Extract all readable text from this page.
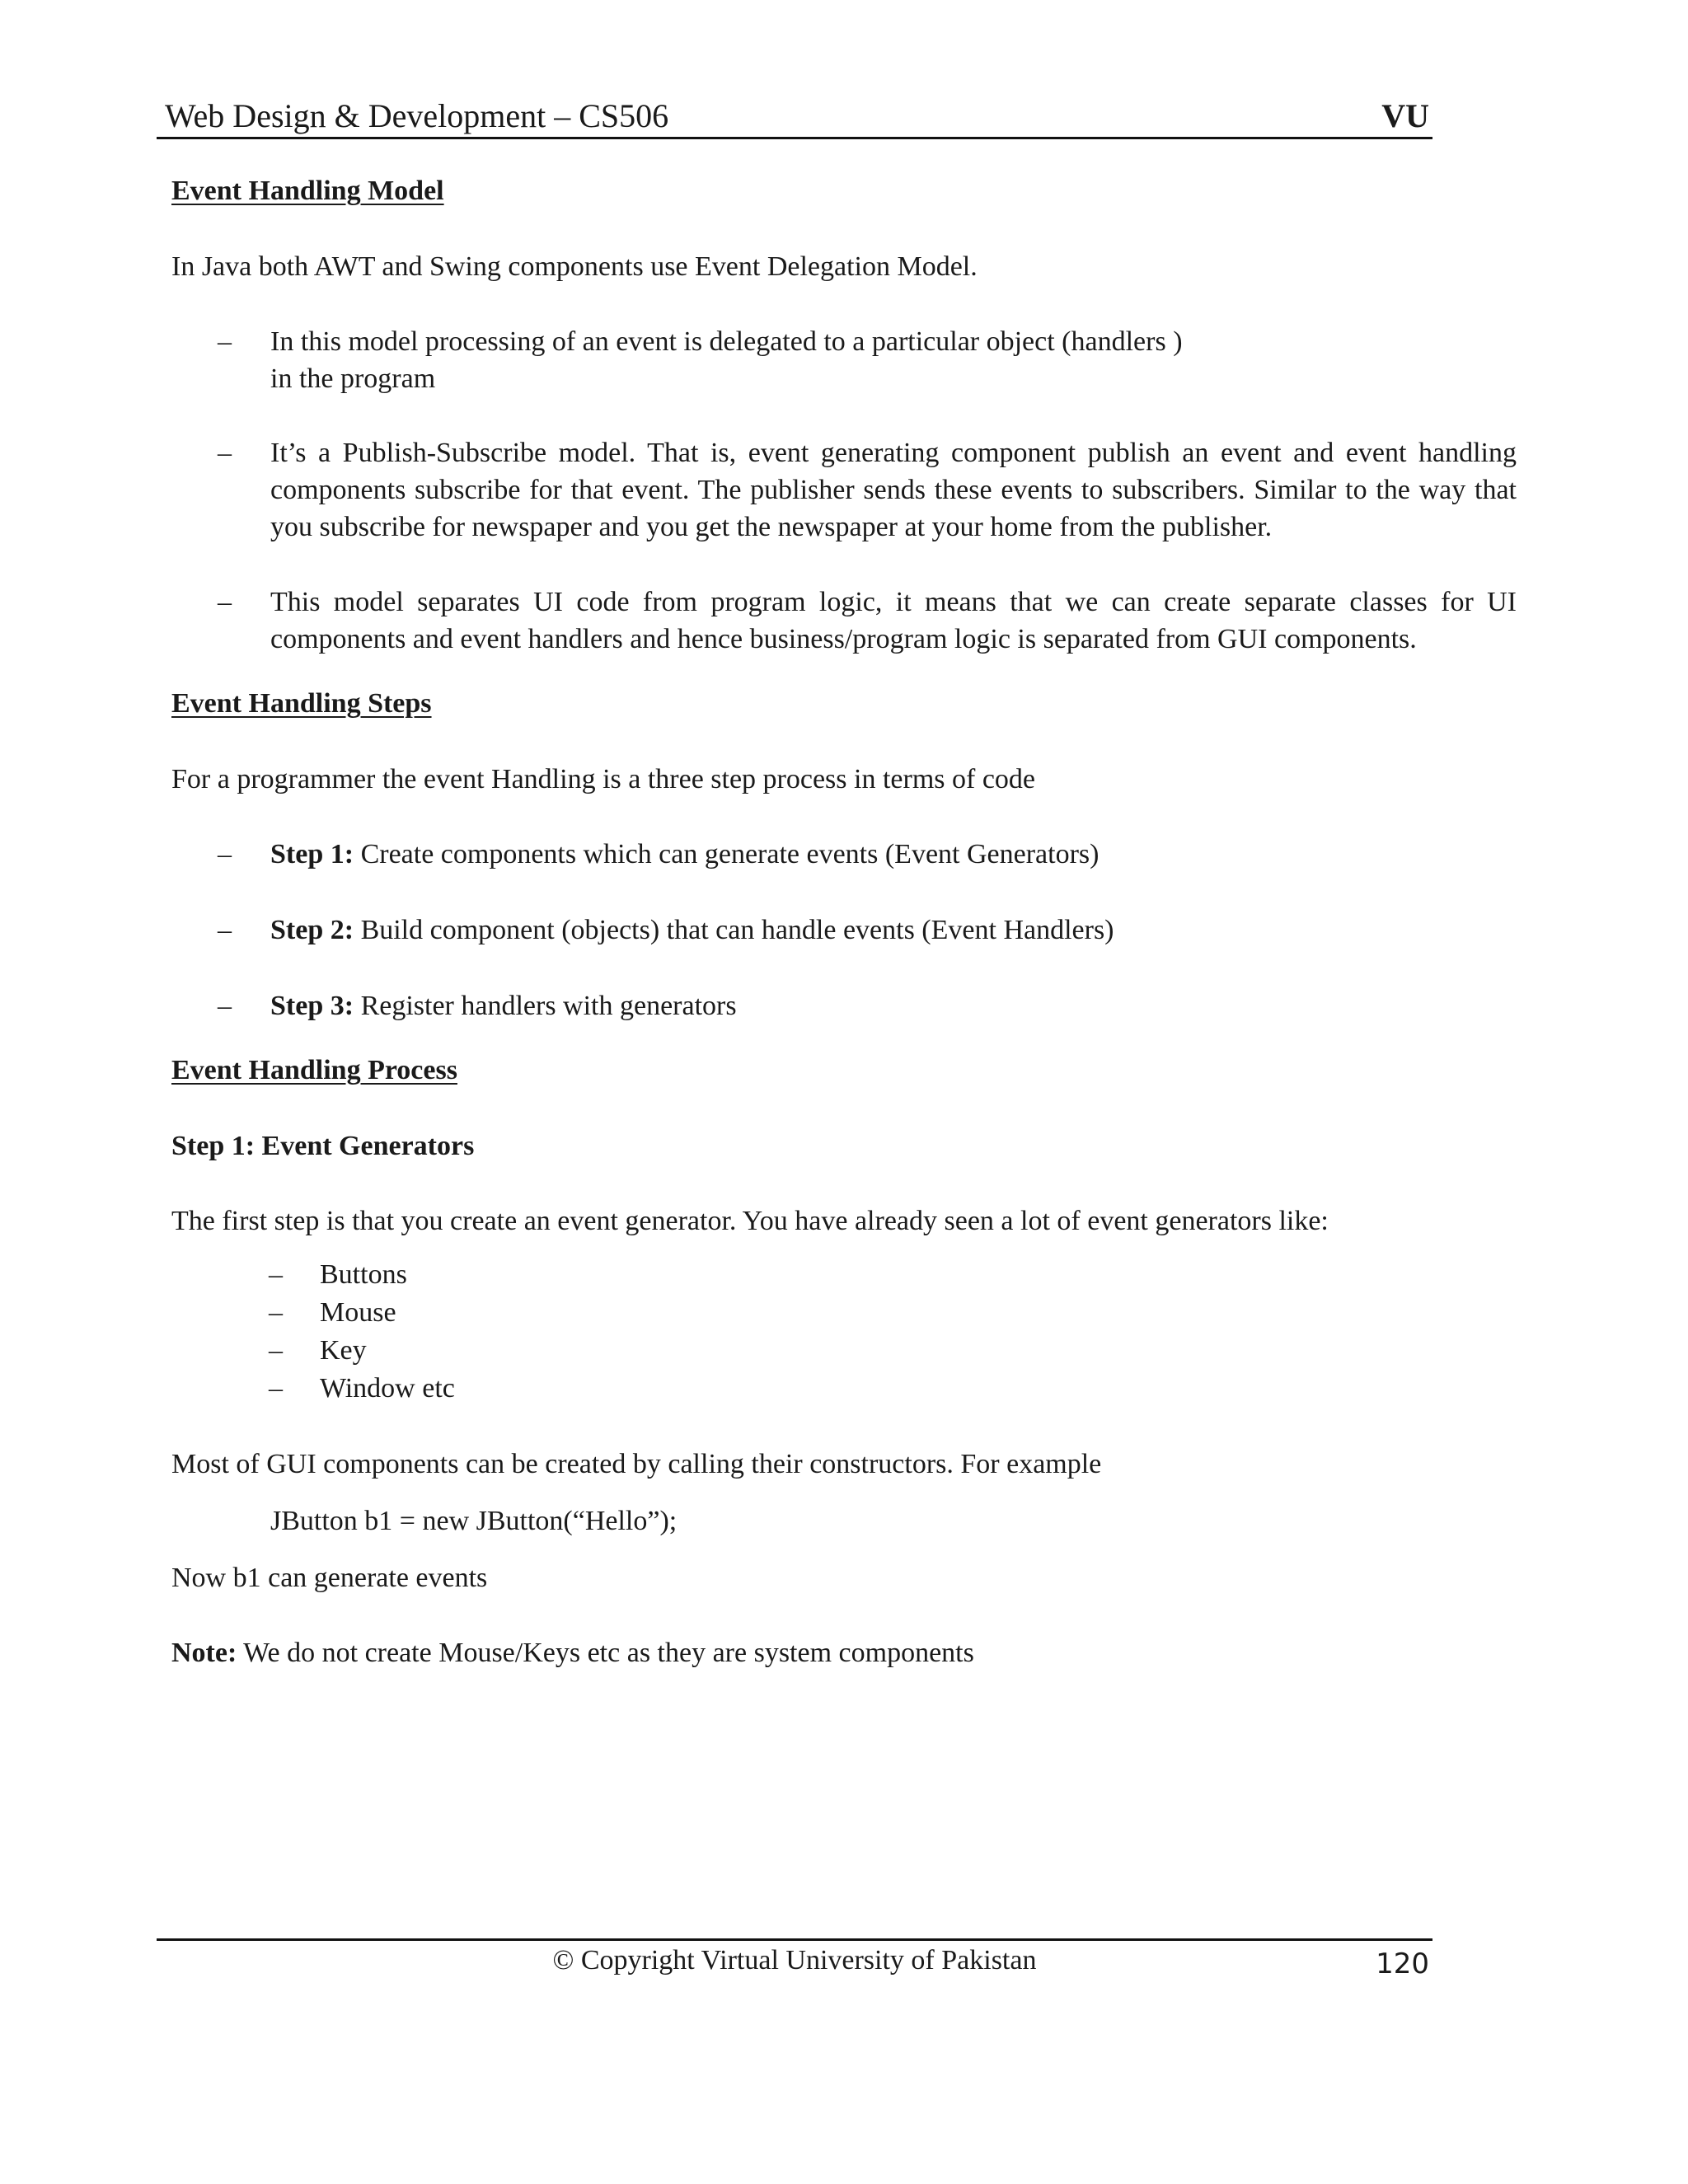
Web Design & Development – CS506	VU
Event Handling Model

In Java both AWT and Swing components use Event Delegation Model.

– In this model processing of an event is delegated to a particular object (handlers )
in the program
– It’s a Publish-Subscribe model. That is, event generating component publish an event and event handling components subscribe for that event. The publisher sends these events to subscribers. Similar to the way that you subscribe for newspaper and you get the newspaper at your home from the publisher.
– This model separates UI code from program logic, it means that we can create separate classes for UI components and event handlers and hence business/program logic is separated from GUI components.
Event Handling Steps

For a programmer the event Handling is a three step process in terms of code

– Step 1: Create components which can generate events (Event Generators)
– Step 2: Build component (objects) that can handle events (Event Handlers)
– Step 3: Register handlers with generators
Event Handling Process

Step 1: Event Generators

The first step is that you create an event generator. You have already seen a lot of event generators like:

– Buttons
– Mouse
– Key
– Window etc

Most of GUI components can be created by calling their constructors. For example

JButton b1 = new JButton(“Hello”);

Now b1 can generate events

Note: We do not create Mouse/Keys etc as they are system components

© Copyright Virtual University of Pakistan	120
